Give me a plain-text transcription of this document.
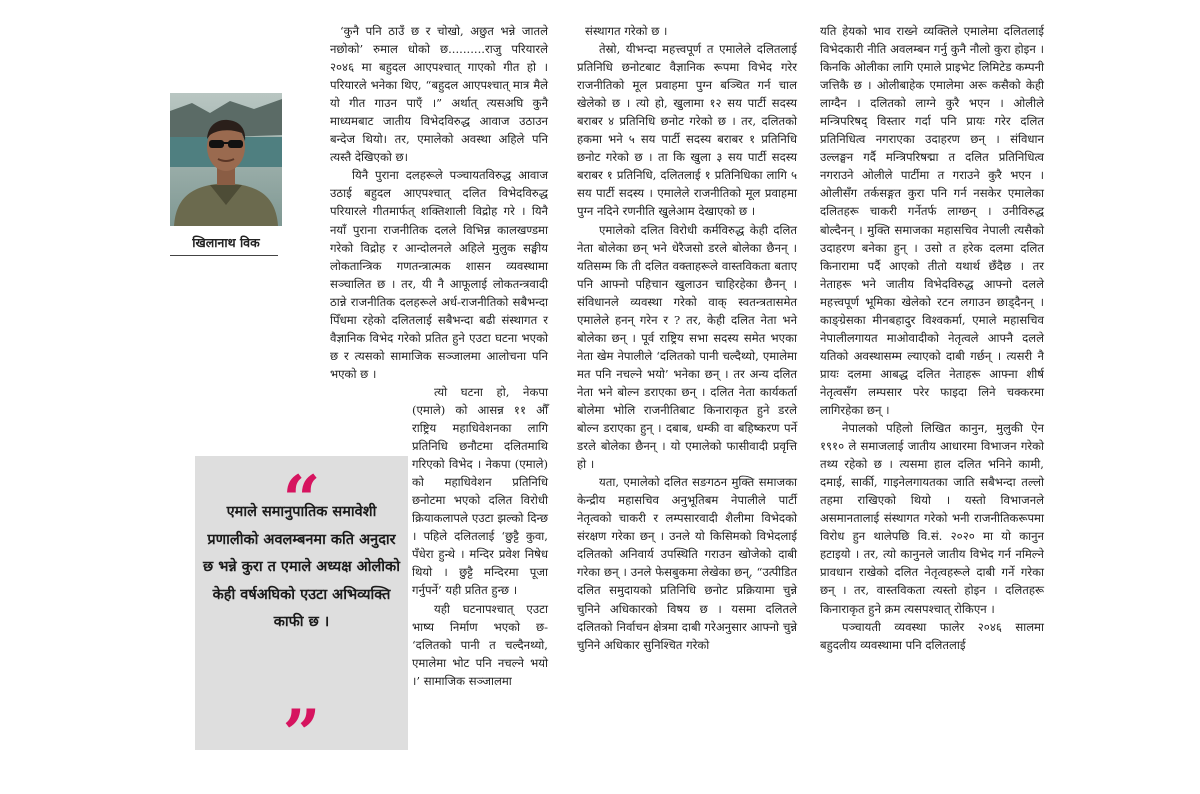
खिलानाथ विक

‘कुनै पनि ठाउँ छ र चोखो, अछुत भन्ने जातले नछोको’ रुमाल धोको छ..........राजु परियारले २०४६ मा बहुदल आएपश्चात् गाएको गीत हो । परियारले भनेका थिए, “बहुदल आएपश्चात् मात्र मैले यो गीत गाउन पाएँ ।” अर्थात् त्यसअघि कुनै माध्यमबाट जातीय विभेदविरुद्ध आवाज उठाउन बन्देज थियो। तर, एमालेको अवस्था अहिले पनि त्यस्तै देखिएको छ।

यिनै पुराना दलहरूले पञ्चायतविरुद्ध आवाज उठाई बहुदल आएपश्चात् दलित विभेदविरुद्ध परियारले गीतमार्फत् शक्तिशाली विद्रोह गरे । यिनै नयाँ पुराना राजनीतिक दलले विभिन्न कालखण्डमा गरेको विद्रोह र आन्दोलनले अहिले मुलुक सङ्घीय लोकतान्त्रिक गणतन्त्रात्मक शासन व्यवस्थामा सञ्चालित छ । तर, यी नै आफूलाई लोकतन्त्रवादी ठान्ने राजनीतिक दलहरूले अर्ध-राजनीतिको सबैभन्दा पिँधमा रहेको दलितलाई सबैभन्दा बढी संस्थागत र वैज्ञानिक विभेद गरेको प्रतित हुने एउटा घटना भएको छ र त्यसको सामाजिक सञ्जालमा आलोचना पनि भएको छ ।

त्यो घटना हो, नेकपा (एमाले) को आसन्न ११ औँ राष्ट्रिय महाधिवेशनका लागि प्रतिनिधि छनौटमा दलितमाथि गरिएको विभेद । नेकपा (एमाले) को महाधिवेशन प्रतिनिधि छनोटमा भएको दलित विरोधी क्रियाकलापले एउटा झल्को दिन्छ । पहिले दलितलाई ‘छुट्टै कुवा, पँधेरा हुन्थे । मन्दिर प्रवेश निषेध थियो । छुट्टै मन्दिरमा पूजा गर्नुपर्ने’ यही प्रतित हुन्छ ।

यही घटनापश्चात् एउटा भाष्य निर्माण भएको छ- ‘दलितको पानी त चल्दैनथ्यो, एमालेमा भोट पनि नचल्ने भयो ।’ सामाजिक सञ्जालमा

“
एमाले समानुपातिक समावेशी प्रणालीको अवलम्बनमा कति अनुदार छ भन्ने कुरा त एमाले अध्यक्ष ओलीको केही वर्षअघिको एउटा अभिव्यक्ति काफी छ ।
”

संस्थागत गरेको छ ।

तेस्रो, यीभन्दा महत्त्वपूर्ण त एमालेले दलितलाई प्रतिनिधि छनोटबाट वैज्ञानिक रूपमा विभेद गरेर राजनीतिको मूल प्रवाहमा पुग्न बञ्चित गर्न चाल खेलेको छ । त्यो हो, खुलामा १२ सय पार्टी सदस्य बराबर ४ प्रतिनिधि छनोट गरेको छ । तर, दलितको हकमा भने ५ सय पार्टी सदस्य बराबर १ प्रतिनिधि छनोट गरेको छ । ता कि खुला ३ सय पार्टी सदस्य बराबर १ प्रतिनिधि, दलितलाई १ प्रतिनिधिका लागि ५ सय पार्टी सदस्य । एमालेले राजनीतिको मूल प्रवाहमा पुग्न नदिने रणनीति खुलेआम देखाएको छ ।

एमालेको दलित विरोधी कर्मविरुद्ध केही दलित नेता बोलेका छन् भने धेरैजसो डरले बोलेका छैनन् । यतिसम्म कि ती दलित वक्ताहरूले वास्तविकता बताए पनि आफ्नो पहिचान खुलाउन चाहिरहेका छैनन् । संविधानले व्यवस्था गरेको वाक् स्वतन्त्रतासमेत एमालेले हनन् गरेन र ? तर, केही दलित नेता भने बोलेका छन् । पूर्व राष्ट्रिय सभा सदस्य समेत भएका नेता खेम नेपालीले ‘दलितको पानी चल्दैथ्यो, एमालेमा मत पनि नचल्ने भयो’ भनेका छन् । तर अन्य दलित नेता भने बोल्न डराएका छन् । दलित नेता कार्यकर्ता बोलेमा भोलि राजनीतिबाट किनाराकृत हुने डरले बोल्न डराएका हुन् । दबाब, धम्की वा बहिष्करण पर्ने डरले बोलेका छैनन् । यो एमालेको फासीवादी प्रवृत्ति हो ।

यता, एमालेको दलित सङगठन मुक्ति समाजका केन्द्रीय महासचिव अनुभूतिबम नेपालीले पार्टी नेतृत्वको चाकरी र लम्पसारवादी शैलीमा विभेदको संरक्षण गरेका छन् । उनले यो किसिमको विभेदलाई दलितको अनिवार्य उपस्थिति गराउन खोजेको दाबी गरेका छन् । उनले फेसबुकमा लेखेका छन्, “उत्पीडित दलित समुदायको प्रतिनिधि छनोट प्रक्रियामा चुन्ने चुनिने अधिकारको विषय छ । यसमा दलितले दलितको निर्वाचन क्षेत्रमा दाबी गरेअनुसार आफ्नो चुन्ने चुनिने अधिकार सुनिश्चित गरेको

यति हेयको भाव राख्ने व्यक्तिले एमालेमा दलितलाई विभेदकारी नीति अवलम्बन गर्नु कुनै नौलो कुरा होइन । किनकि ओलीका लागि एमाले प्राइभेट लिमिटेड कम्पनी जत्तिकै छ । ओलीबाहेक एमालेमा अरू कसैको केही लाग्दैन । दलितको लाग्ने कुरै भएन । ओलीले मन्त्रिपरिषद् विस्तार गर्दा पनि प्रायः गरेर दलित प्रतिनिधित्व नगराएका उदाहरण छन् । संविधान उल्लङ्घन गर्दै मन्त्रिपरिषद्मा त दलित प्रतिनिधित्व नगराउने ओलीले पार्टीमा त गराउने कुरै भएन । ओलीसँग तर्कसङ्गत कुरा पनि गर्न नसकेर एमालेका दलितहरू चाकरी गर्नेतर्फ लाग्छन् । उनीविरुद्ध बोल्दैनन् । मुक्ति समाजका महासचिव नेपाली त्यसैको उदाहरण बनेका हुन् । उसो त हरेक दलमा दलित किनारामा पर्दै आएको तीतो यथार्थ छँदैछ । तर नेताहरू भने जातीय विभेदविरुद्ध आफ्नो दलले महत्त्वपूर्ण भूमिका खेलेको रटन लगाउन छाड्दैनन् । काङ्ग्रेसका मीनबहादुर विश्वकर्मा, एमाले महासचिव नेपालीलगायत माओवादीको नेतृत्वले आफ्नै दलले यतिको अवस्थासम्म ल्याएको दाबी गर्छन् । त्यसरी नै प्रायः दलमा आबद्ध दलित नेताहरू आफ्ना शीर्ष नेतृत्वसँग लम्पसार परेर फाइदा लिने चक्करमा लागिरहेका छन् ।

नेपालको पहिलो लिखित कानुन, मुलुकी ऐन १९१० ले समाजलाई जातीय आधारमा विभाजन गरेको तथ्य रहेको छ । त्यसमा हाल दलित भनिने कामी, दमाई, सार्की, गाइनेलगायतका जाति सबैभन्दा तल्लो तहमा राखिएको थियो । यस्तो विभाजनले असमानतालाई संस्थागत गरेको भनी राजनीतिकरूपमा विरोध हुन थालेपछि वि.सं. २०२० मा यो कानुन हटाइयो । तर, त्यो कानुनले जातीय विभेद गर्न नमिल्ने प्रावधान राखेको दलित नेतृत्वहरूले दाबी गर्ने गरेका छन् । तर, वास्तविकता त्यस्तो होइन । दलितहरू किनाराकृत हुने क्रम त्यसपश्चात् रोकिएन ।

पञ्चायती व्यवस्था फालेर २०४६ सालमा बहुदलीय व्यवस्थामा पनि दलितलाई
